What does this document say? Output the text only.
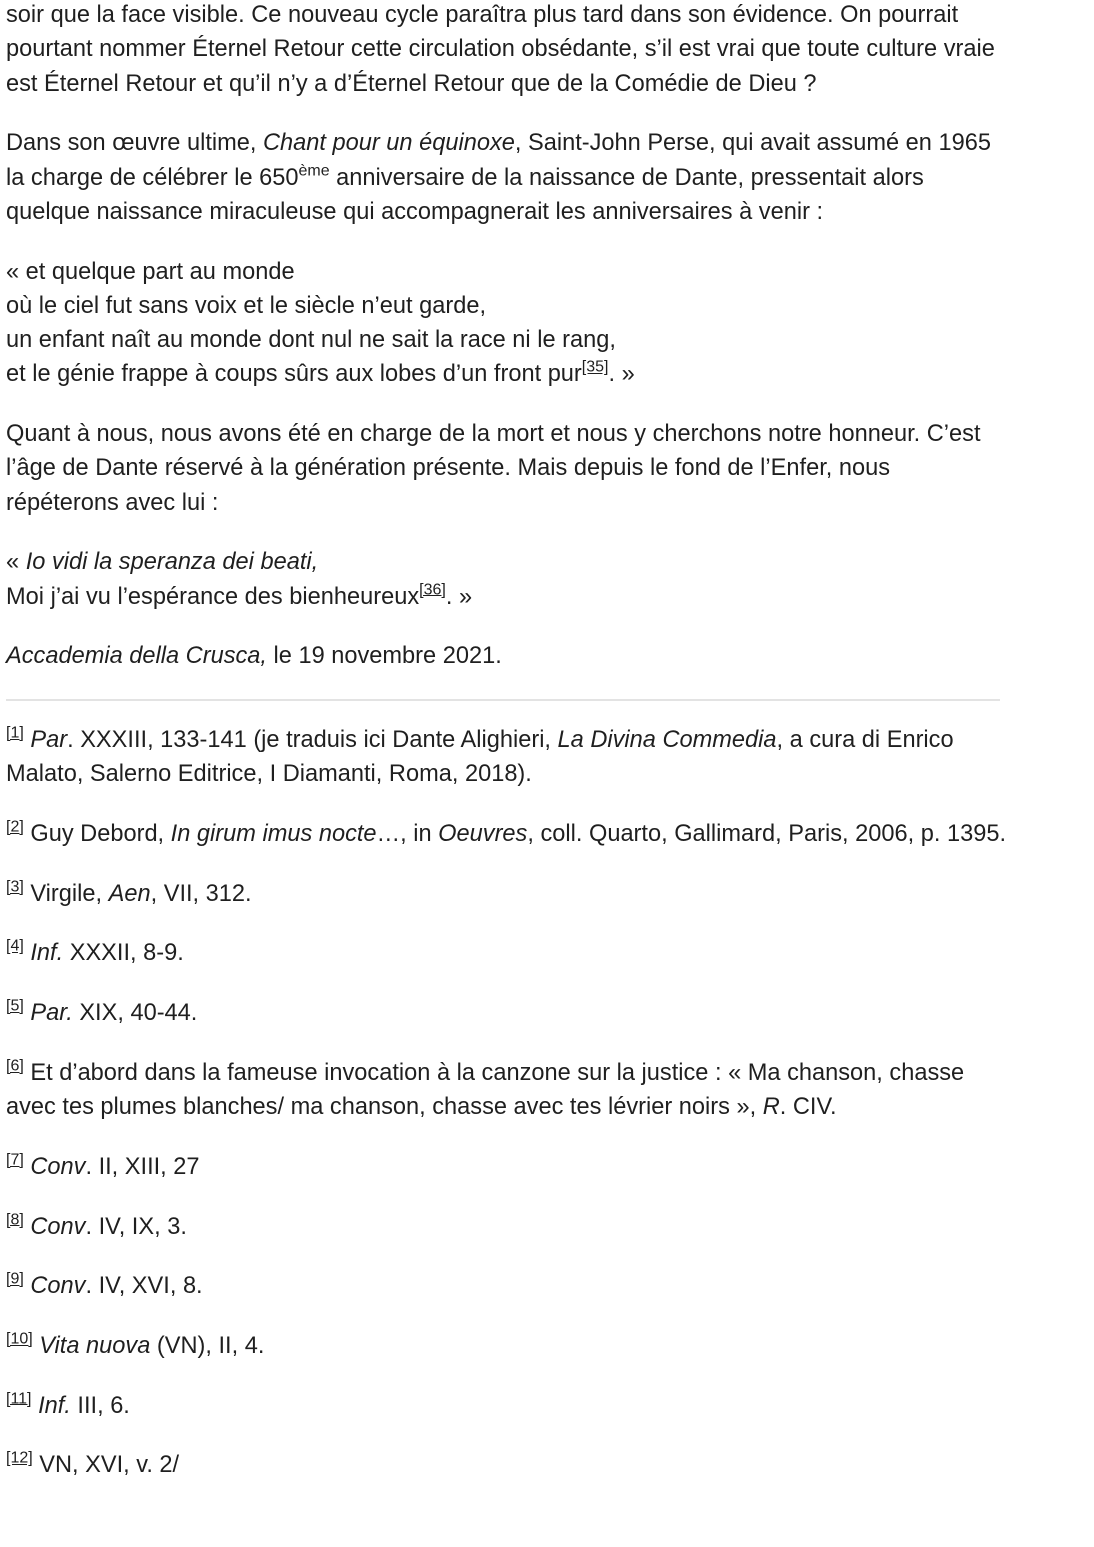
soir que la face visible. Ce nouveau cycle paraîtra plus tard dans son évidence. On pourrait pourtant nommer Éternel Retour cette circulation obsédante, s’il est vrai que toute culture vraie est Éternel Retour et qu’il n’y a d’Éternel Retour que de la Comédie de Dieu ?

Dans son œuvre ultime, Chant pour un équinoxe, Saint-John Perse, qui avait assumé en 1965 la charge de célébrer le 650ème anniversaire de la naissance de Dante, pressentait alors quelque naissance miraculeuse qui accompagnerait les anniversaires à venir :

« et quelque part au monde
où le ciel fut sans voix et le siècle n’eut garde,
un enfant naît au monde dont nul ne sait la race ni le rang,
et le génie frappe à coups sûrs aux lobes d’un front pur[35]. »

Quant à nous, nous avons été en charge de la mort et nous y cherchons notre honneur. C’est l’âge de Dante réservé à la génération présente. Mais depuis le fond de l’Enfer, nous répéterons avec lui :

« Io vidi la speranza dei beati,
Moi j’ai vu l’espérance des bienheureux[36]. »

Accademia della Crusca, le 19 novembre 2021.

[1] Par. XXXIII, 133-141 (je traduis ici Dante Alighieri, La Divina Commedia, a cura di Enrico Malato, Salerno Editrice, I Diamanti, Roma, 2018).
[2] Guy Debord, In girum imus nocte…, in Oeuvres, coll. Quarto, Gallimard, Paris, 2006, p. 1395.
[3] Virgile, Aen, VII, 312.
[4] Inf. XXXII, 8-9.
[5] Par. XIX, 40-44.
[6] Et d’abord dans la fameuse invocation à la canzone sur la justice : « Ma chanson, chasse avec tes plumes blanches/ ma chanson, chasse avec tes lévrier noirs », R. CIV.
[7] Conv. II, XIII, 27
[8] Conv. IV, IX, 3.
[9] Conv. IV, XVI, 8.
[10] Vita nuova (VN), II, 4.
[11] Inf. III, 6.
[12] VN, XVI, v. 2/
